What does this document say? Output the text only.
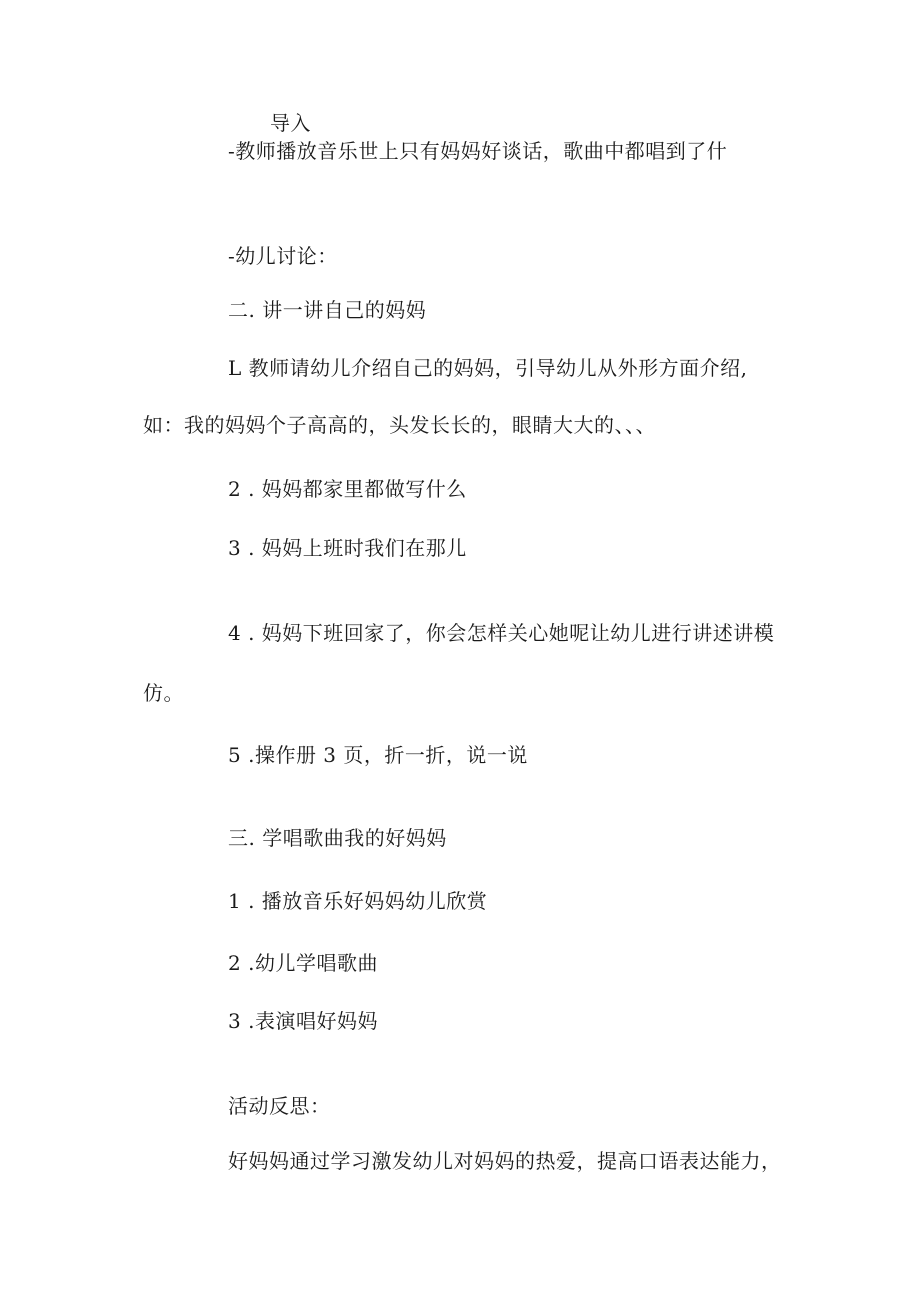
导入
-教师播放音乐世上只有妈妈好谈话，歌曲中都唱到了什
-幼儿讨论：
二. 讲一讲自己的妈妈
L 教师请幼儿介绍自己的妈妈，引导幼儿从外形方面介绍,
如：我的妈妈个子高高的，头发长长的，眼睛大大的、、、
2 . 妈妈都家里都做写什么
3 . 妈妈上班时我们在那儿
4 . 妈妈下班回家了，你会怎样关心她呢让幼儿进行讲述讲模
仿。
5 .操作册 3 页，折一折，说一说
三. 学唱歌曲我的好妈妈
1 . 播放音乐好妈妈幼儿欣赏
2 .幼儿学唱歌曲
3 .表演唱好妈妈
活动反思：
好妈妈通过学习激发幼儿对妈妈的热爱，提高口语表达能力，
